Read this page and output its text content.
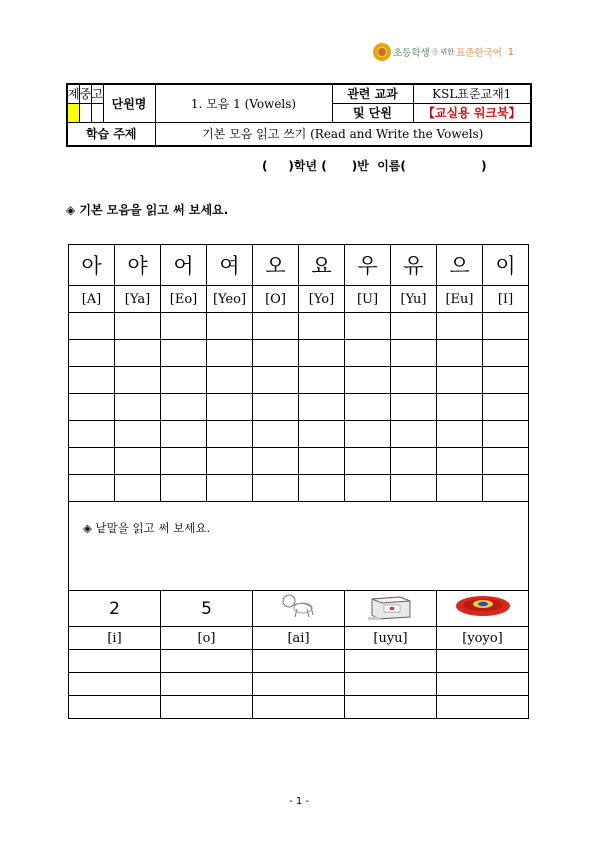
초등학생 을 위한 표준한국어 1
제	중	고	단원명	1. 모음 1 (Vowels)	관련 교과	KSL표준교재1
					및 단원	【교실용 워크북】
학습 주제				기본 모음 읽고 쓰기 (Read and Write the Vowels)		
(     )학년 (      )반  이름(                  )
◈ 기본 모음을 읽고 써 보세요.
아	야	어	여	오	요	우	유	으	이
[A]	[Ya]	[Eo]	[Yeo]	[O]	[Yo]	[U]	[Yu]	[Eu]	[I]

◈ 낱말을 읽고 써 보세요.									
2		5			
[i]		[o]		[ai]		[uyu]		[yoyo]	

- 1 -
